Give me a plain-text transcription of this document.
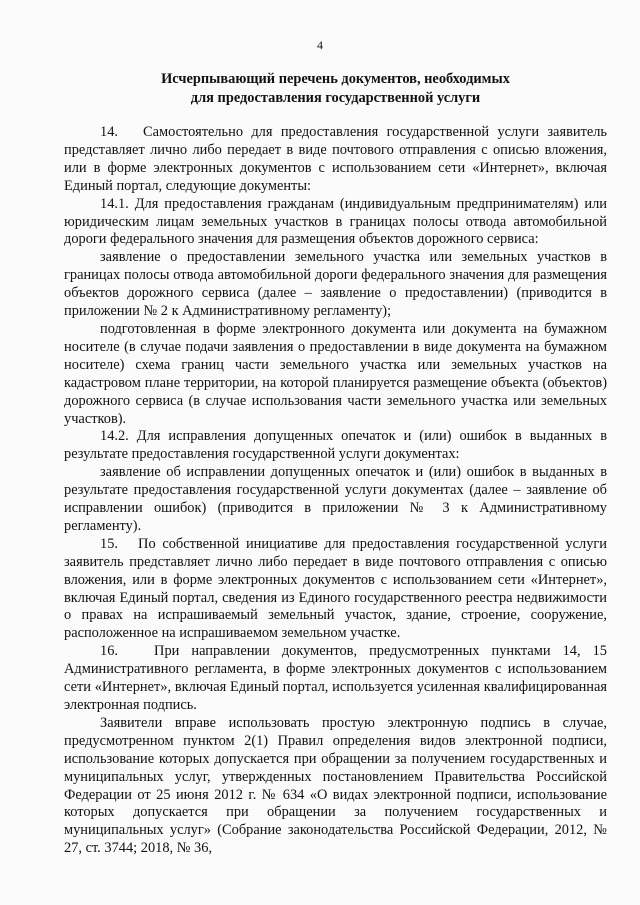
4
Исчерпывающий перечень документов, необходимых
для предоставления государственной услуги

14.   Самостоятельно для предоставления государственной услуги заявитель представляет лично либо передает в виде почтового отправления с описью вложения, или в форме электронных документов с использованием сети «Интернет», включая Единый портал, следующие документы:

14.1. Для предоставления гражданам (индивидуальным предпринимателям) или юридическим лицам земельных участков в границах полосы отвода автомобильной дороги федерального значения для размещения объектов дорожного сервиса:

заявление о предоставлении земельного участка или земельных участков в границах полосы отвода автомобильной дороги федерального значения для размещения объектов дорожного сервиса (далее – заявление о предоставлении) (приводится в приложении № 2 к Административному регламенту);

подготовленная в форме электронного документа или документа на бумажном носителе (в случае подачи заявления о предоставлении в виде документа на бумажном носителе) схема границ части земельного участка или земельных участков на кадастровом плане территории, на которой планируется размещение объекта (объектов) дорожного сервиса (в случае использования части земельного участка или земельных участков).

14.2. Для исправления допущенных опечаток и (или) ошибок в выданных в результате предоставления государственной услуги документах:

заявление об исправлении допущенных опечаток и (или) ошибок в выданных в результате предоставления государственной услуги документах (далее – заявление об исправлении ошибок) (приводится в приложении № 3 к Административному регламенту).

15.   По собственной инициативе для предоставления государственной услуги заявитель представляет лично либо передает в виде почтового отправления с описью вложения, или в форме электронных документов с использованием сети «Интернет», включая Единый портал, сведения из Единого государственного реестра недвижимости о правах на испрашиваемый земельный участок, здание, строение, сооружение, расположенное на испрашиваемом земельном участке.

16.   При направлении документов, предусмотренных пунктами 14, 15 Административного регламента, в форме электронных документов с использованием сети «Интернет», включая Единый портал, используется усиленная квалифицированная электронная подпись.

Заявители вправе использовать простую электронную подпись в случае, предусмотренном пунктом 2(1) Правил определения видов электронной подписи, использование которых допускается при обращении за получением государственных и муниципальных услуг, утвержденных постановлением Правительства Российской Федерации от 25 июня 2012 г. № 634 «О видах электронной подписи, использование которых допускается при обращении за получением государственных и муниципальных услуг» (Собрание законодательства Российской Федерации, 2012, № 27, ст. 3744; 2018, № 36,
